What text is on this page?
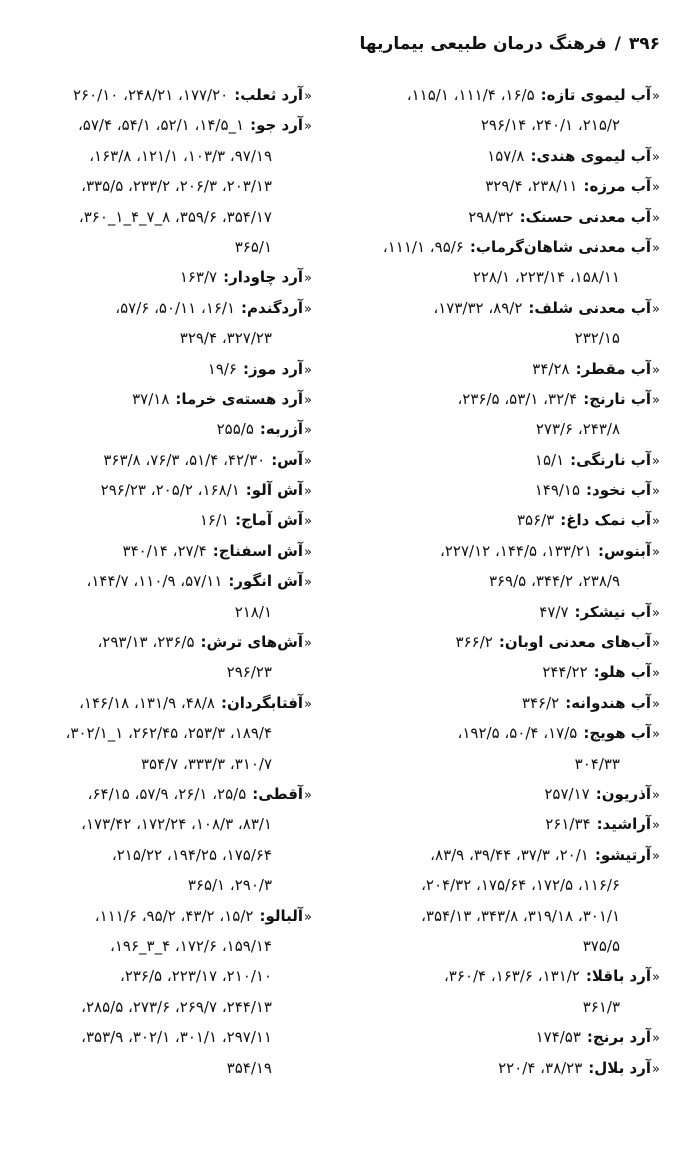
۳۹۶/فرهنگ درمان طبیعی بیماریها
«آب لیموی تازه:۱۶/۵، ۱۱۱/۴، ۱۱۵/۱،
۲۱۵/۲، ۲۴۰/۱، ۲۹۶/۱۴
«آب لیموی هندی:۱۵۷/۸
«آب مرزه:۲۳۸/۱۱، ۳۲۹/۴
«آب معدنی حسنک:۲۹۸/۳۲
«آب معدنی شاهان‌گرماب:۹۵/۶، ۱۱۱/۱،
۱۵۸/۱۱، ۲۲۳/۱۴، ۲۲۸/۱
«آب معدنی شلف:۸۹/۲، ۱۷۳/۳۲،
۲۳۲/۱۵
«آب مقطر:۳۴/۲۸
«آب نارنج:۳۲/۴، ۵۳/۱، ۲۳۶/۵،
۲۴۳/۸، ۲۷۳/۶
«آب نارنگی:۱۵/۱
«آب نخود:۱۴۹/۱۵
«آب نمک داغ:۳۵۶/۳
«آبنوس:۱۳۳/۲۱، ۱۴۴/۵، ۲۲۷/۱۲،
۲۳۸/۹، ۳۴۴/۲، ۳۶۹/۵
«آب نیشکر:۴۷/۷
«آب‌های معدنی اوبان:۳۶۶/۲
«آب هلو:۲۴۴/۲۲
«آب هندوانه:۳۴۶/۲
«آب هویج:۱۷/۵، ۵۰/۴، ۱۹۲/۵،
۳۰۴/۳۳
«آذریون:۲۵۷/۱۷
«آراشید:۲۶۱/۳۴
«آرتیشو:۲۰/۱، ۳۷/۳، ۳۹/۴۴، ۸۳/۹،
۱۱۶/۶، ۱۷۲/۵، ۱۷۵/۶۴، ۲۰۴/۳۲،
۳۰۱/۱، ۳۱۹/۱۸، ۳۴۳/۸، ۳۵۴/۱۳،
۳۷۵/۵
«آرد باقلا:۱۳۱/۲، ۱۶۳/۶، ۳۶۰/۴،
۳۶۱/۳
«آرد برنج:۱۷۴/۵۳
«آرد بلال:۳۸/۲۳، ۲۲۰/۴
«آرد ثعلب:۱۷۷/۲۰، ۲۴۸/۲۱، ۲۶۰/۱۰
«آرد جو:۱_۱۴/۵، ۵۲/۱، ۵۴/۱، ۵۷/۴،
۹۷/۱۹، ۱۰۳/۳، ۱۲۱/۱، ۱۶۳/۸،
۲۰۳/۱۳، ۲۰۶/۳، ۲۳۳/۲، ۳۳۵/۵،
۳۵۴/۱۷، ۳۵۹/۶، ۸_۷_۴_۱_۳۶۰،
۳۶۵/۱
«آرد چاودار:۱۶۳/۷
«آردگندم:۱۶/۱، ۵۰/۱۱، ۵۷/۶،
۳۲۷/۲۳، ۳۲۹/۴
«آرد موز:۱۹/۶
«آرد هسته‌ی خرما:۳۷/۱۸
«آزربه:۲۵۵/۵
«آس:۴۲/۳۰، ۵۱/۴، ۷۶/۳، ۳۶۳/۸
«آش آلو:۱۶۸/۱، ۲۰۵/۲، ۲۹۶/۲۳
«آش آماج:۱۶/۱
«آش اسفناج:۲۷/۴، ۳۴۰/۱۴
«آش انگور:۵۷/۱۱، ۱۱۰/۹، ۱۴۴/۷،
۲۱۸/۱
«آش‌های ترش:۲۳۶/۵، ۲۹۳/۱۳،
۲۹۶/۲۳
«آفتابگردان:۴۸/۸، ۱۳۱/۹، ۱۴۶/۱۸،
۱۸۹/۴، ۲۵۳/۳، ۲۶۲/۴۵، ۱_۳۰۲/۱،
۳۱۰/۷، ۳۳۳/۳، ۳۵۴/۷
«آقطی:۲۵/۵، ۲۶/۱، ۵۷/۹، ۶۴/۱۵،
۸۳/۱، ۱۰۸/۳، ۱۷۲/۲۴، ۱۷۳/۴۲،
۱۷۵/۶۴، ۱۹۴/۲۵، ۲۱۵/۲۲،
۲۹۰/۳، ۳۶۵/۱
«آلبالو:۱۵/۲، ۴۳/۲، ۹۵/۲، ۱۱۱/۶،
۱۵۹/۱۴، ۱۷۲/۶، ۴_۳_۱۹۶،
۲۱۰/۱۰، ۲۲۳/۱۷، ۲۳۶/۵،
۲۴۴/۱۳، ۲۶۹/۷، ۲۷۳/۶، ۲۸۵/۵،
۲۹۷/۱۱، ۳۰۱/۱، ۳۰۲/۱، ۳۵۳/۹،
۳۵۴/۱۹
